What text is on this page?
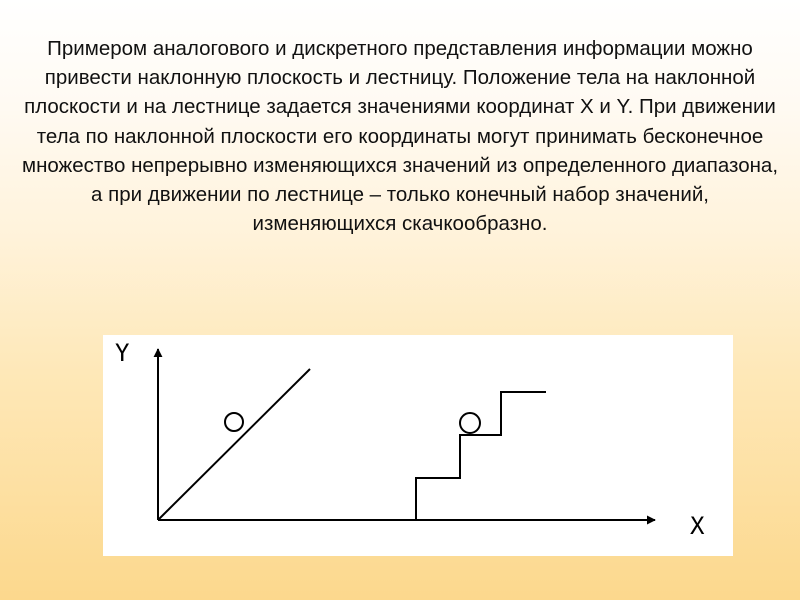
Примером аналогового и дискретного представления информации можно привести наклонную плоскость и лестницу. Положение тела на наклонной плоскости и на лестнице задается значениями координат X и Y. При движении тела по наклонной плоскости его координаты могут принимать бесконечное множество непрерывно изменяющихся значений из определенного диапазона, а при движении по лестнице – только конечный набор значений, изменяющихся скачкообразно.

Y
X
